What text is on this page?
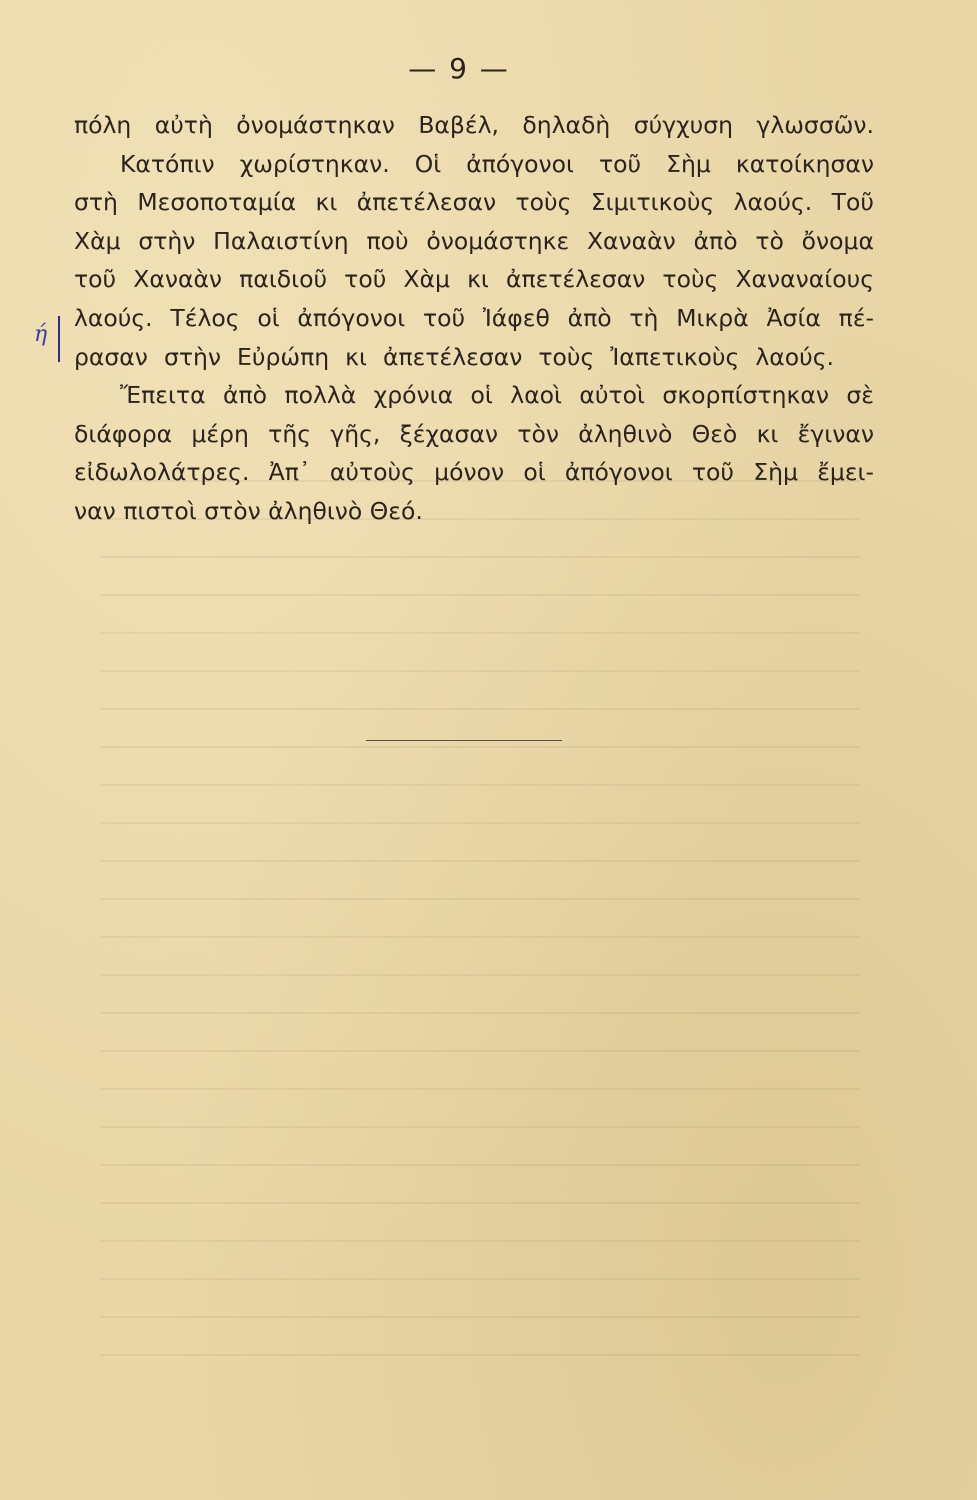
— 9 —
ή
πόλη αὐτὴ ὀνομάστηκαν Βαβέλ, δηλαδὴ σύγχυση γλωσσῶν.
Κατόπιν χωρίστηκαν. Οἱ ἀπόγονοι τοῦ Σὴμ κατοίκησαν
στὴ Μεσοποταμία κι ἀπετέλεσαν τοὺς Σιμιτικοὺς λαούς. Τοῦ
Χὰμ στὴν Παλαιστίνη ποὺ ὀνομάστηκε Χαναὰν ἀπὸ τὸ ὄνομα
τοῦ Χαναὰν παιδιοῦ τοῦ Χὰμ κι ἀπετέλεσαν τοὺς Χαναναίους
λαούς. Τέλος οἱ ἀπόγονοι τοῦ Ἰάφεθ ἀπὸ τὴ Μικρὰ Ἀσία πέ-
ρασαν στὴν Εὐρώπη κι ἀπετέλεσαν τοὺς Ἰαπετικοὺς λαούς.
Ἔπειτα ἀπὸ πολλὰ χρόνια οἱ λαοὶ αὐτοὶ σκορπίστηκαν σὲ
διάφορα μέρη τῆς γῆς, ξέχασαν τὸν ἀληθινὸ Θεὸ κι ἔγιναν
εἰδωλολάτρες. Ἀπ᾽ αὐτοὺς μόνον οἱ ἀπόγονοι τοῦ Σὴμ ἔμει-
ναν πιστοὶ στὸν ἀληθινὸ Θεό.
